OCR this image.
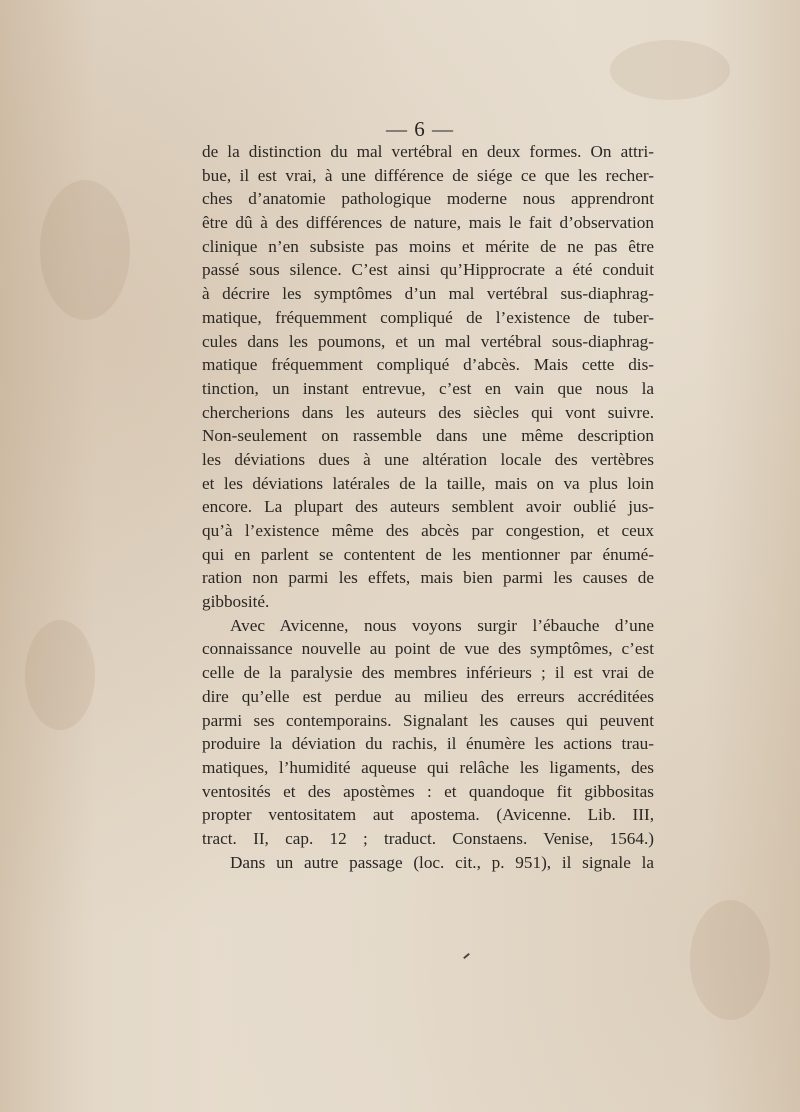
— 6 —
de la distinction du mal vertébral en deux formes. On attri-
bue, il est vrai, à une différence de siége ce que les recher-
ches d’anatomie pathologique moderne nous apprendront
être dû à des différences de nature, mais le fait d’observation
clinique n’en subsiste pas moins et mérite de ne pas être
passé sous silence. C’est ainsi qu’Hipprocrate a été conduit
à décrire les symptômes d’un mal vertébral sus-diaphrag-
matique, fréquemment compliqué de l’existence de tuber-
cules dans les poumons, et un mal vertébral sous-diaphrag-
matique fréquemment compliqué d’abcès. Mais cette dis-
tinction, un instant entrevue, c’est en vain que nous la
chercherions dans les auteurs des siècles qui vont suivre.
Non-seulement on rassemble dans une même description
les déviations dues à une altération locale des vertèbres
et les déviations latérales de la taille, mais on va plus loin
encore. La plupart des auteurs semblent avoir oublié jus-
qu’à l’existence même des abcès par congestion, et ceux
qui en parlent se contentent de les mentionner par énumé-
ration non parmi les effets, mais bien parmi les causes de
gibbosité.
Avec Avicenne, nous voyons surgir l’ébauche d’une
connaissance nouvelle au point de vue des symptômes, c’est
celle de la paralysie des membres inférieurs ; il est vrai de
dire qu’elle est perdue au milieu des erreurs accréditées
parmi ses contemporains. Signalant les causes qui peuvent
produire la déviation du rachis, il énumère les actions trau-
matiques, l’humidité aqueuse qui relâche les ligaments, des
ventosités et des apostèmes : et quandoque fit gibbositas
propter ventositatem aut apostema. (Avicenne. Lib. III,
tract. II, cap. 12 ; traduct. Constaens. Venise, 1564.)
Dans un autre passage (loc. cit., p. 951), il signale la
